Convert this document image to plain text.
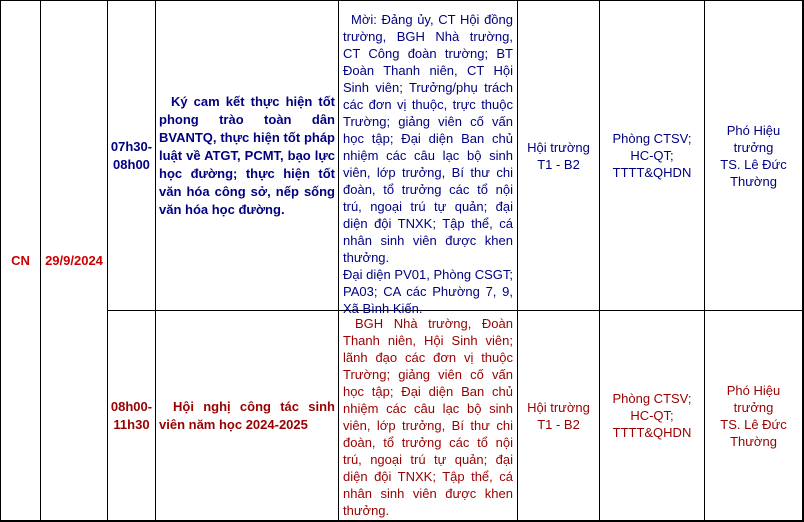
CN 29/9/2024
07h30-
08h00
Ký cam kết thực hiện tốt phong trào toàn dân BVANTQ, thực hiện tốt pháp luật về ATGT, PCMT, bạo lực học đường; thực hiện tốt văn hóa công sở, nếp sống văn hóa học đường.

Mời: Đảng ủy, CT Hội đồng trường, BGH Nhà trường, CT Công đoàn trường; BT Đoàn Thanh niên, CT Hội Sinh viên; Trưởng/phụ trách các đơn vị thuộc, trực thuộc Trường; giảng viên cố vấn học tập; Đại diện Ban chủ nhiệm các câu lạc bộ sinh viên, lớp trưởng, Bí thư chi đoàn, tổ trưởng các tổ nội trú, ngoại trú tự quản; đại diện đội TNXK; Tập thể, cá nhân sinh viên được khen thưởng.

Đại diện PV01, Phòng CSGT; PA03; CA các Phường 7, 9, Xã Bình Kiến.

Hội trường
T1 - B2
Phòng CTSV;
HC-QT;
TTTT&QHDN
Phó Hiệu
trưởng
TS. Lê Đức
Thường
08h00-
11h30
Hội nghị công tác sinh viên năm học 2024-2025

BGH Nhà trường, Đoàn Thanh niên, Hội Sinh viên; lãnh đạo các đơn vị thuộc Trường; giảng viên cố vấn học tập; Đại diện Ban chủ nhiệm các câu lạc bộ sinh viên, lớp trưởng, Bí thư chi đoàn, tổ trưởng các tổ nội trú, ngoại trú tự quản; đại diện đội TNXK; Tập thể, cá nhân sinh viên được khen thưởng.

Hội trường
T1 - B2
Phòng CTSV;
HC-QT;
TTTT&QHDN
Phó Hiệu
trưởng
TS. Lê Đức
Thường
